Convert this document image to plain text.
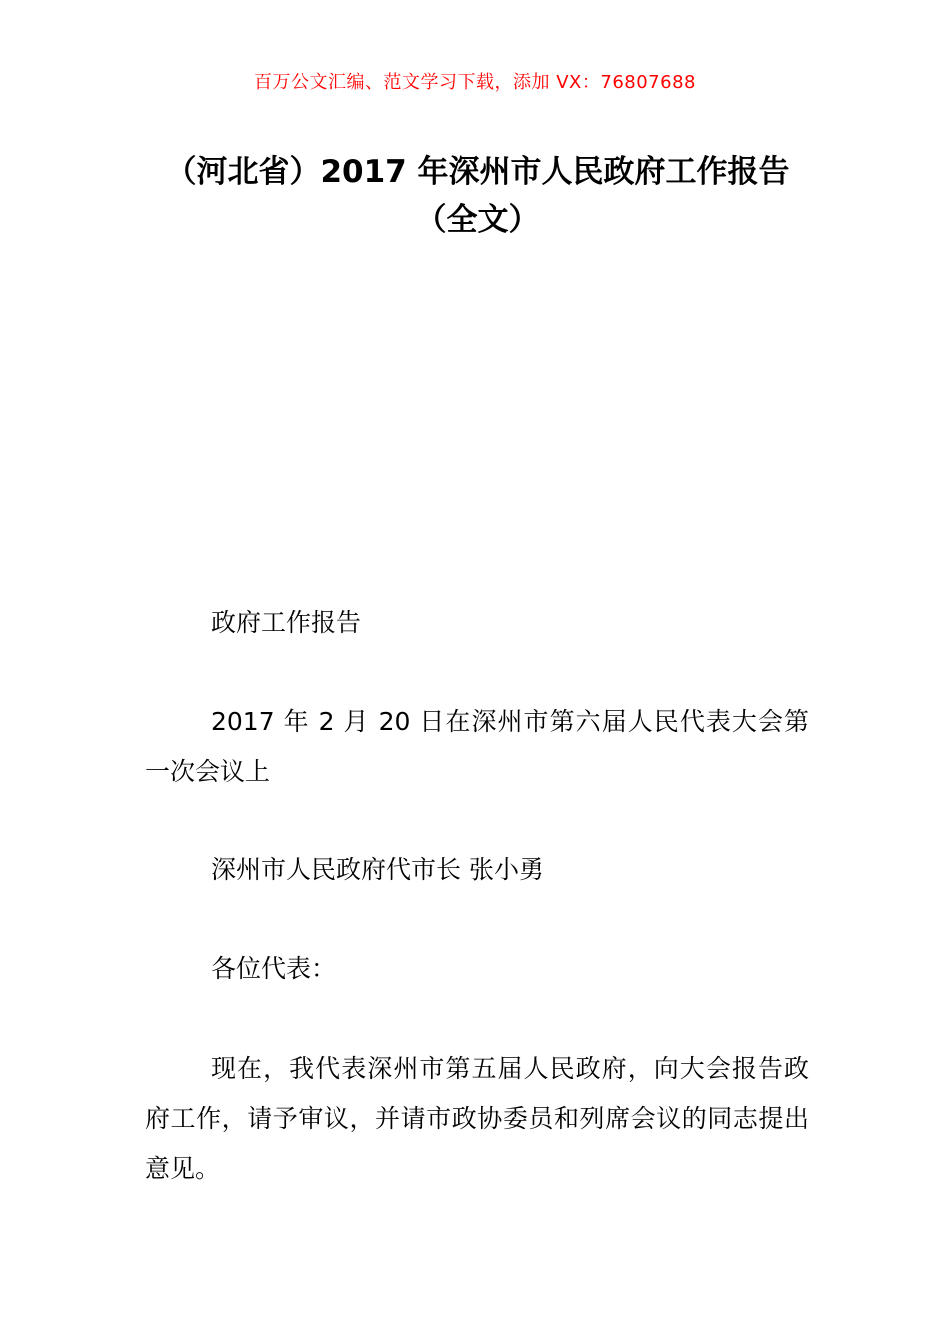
百万公文汇编、范文学习下载，添加 VX：76807688
（河北省）2017 年深州市人民政府工作报告（全文）
政府工作报告
2017 年 2 月 20 日在深州市第六届人民代表大会第一次会议上
深州市人民政府代市长 张小勇
各位代表：
现在，我代表深州市第五届人民政府，向大会报告政府工作，请予审议，并请市政协委员和列席会议的同志提出意见。
